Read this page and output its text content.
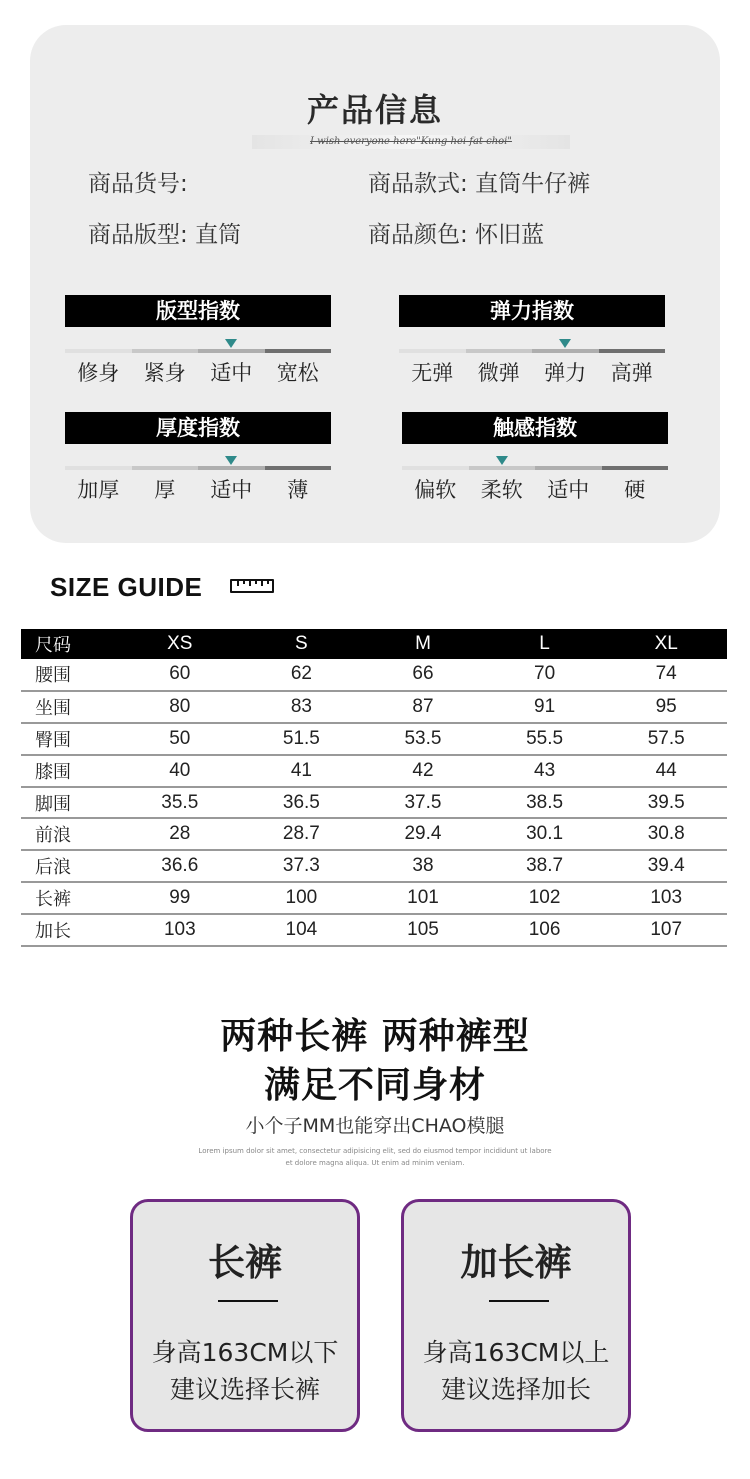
产品信息
I wish everyone here"Kung hei fat choi"
商品货号:	商品款式: 直筒牛仔裤
商品版型: 直筒	商品颜色: 怀旧蓝
版型指数
修身	紧身	适中	宽松
弹力指数
无弹	微弹	弹力	高弹
厚度指数
加厚	厚	适中	薄
触感指数
偏软	柔软	适中	硬
SIZE GUIDE
尺码	XS	S	M	L	XL
腰围	60	62	66	70	74
坐围	80	83	87	91	95
臀围	50	51.5	53.5	55.5	57.5
膝围	40	41	42	43	44
脚围	35.5	36.5	37.5	38.5	39.5
前浪	28	28.7	29.4	30.1	30.8
后浪	36.6	37.3	38	38.7	39.4
长裤	99	100	101	102	103
加长	103	104	105	106	107
两种长裤 两种裤型
满足不同身材
小个子MM也能穿出CHAO模腿
Lorem ipsum dolor sit amet, consectetur adipisicing elit, sed do eiusmod tempor incididunt ut labore
et dolore magna aliqua. Ut enim ad minim veniam.
长裤
身高163CM以下
建议选择长裤
加长裤
身高163CM以上
建议选择加长
